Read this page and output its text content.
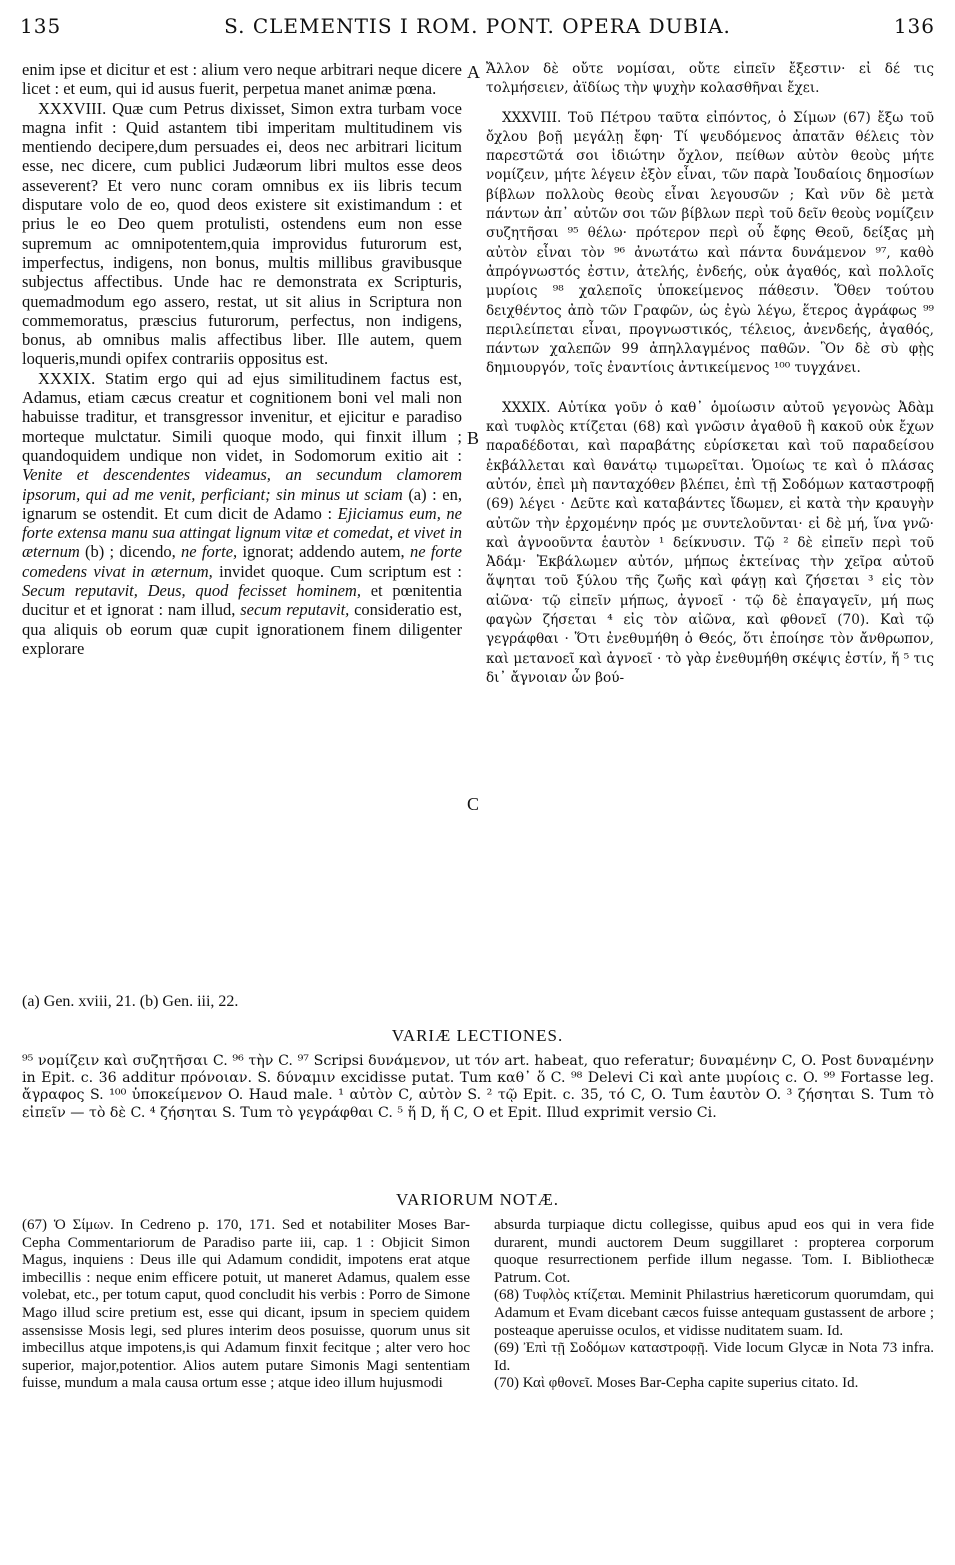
135	S. CLEMENTIS I ROM. PONT. OPERA DUBIA.	136
A
B
C

enim ipse et dicitur et est : alium vero neque arbitrari neque dicere licet : et eum, qui id ausus fuerit, perpetua manet animæ pœna.

XXXVIII. Quæ cum Petrus dixisset, Simon extra turbam voce magna infit : Quid astantem tibi imperitam multitudinem vis mentiendo decipere,dum persuades ei, deos nec arbitrari licitum esse, nec dicere, cum publici Judæorum libri multos esse deos asseverent? Et vero nunc coram omnibus ex iis libris tecum disputare volo de eo, quod deos existere sit existimandum : et prius le eo Deo quem protulisti, ostendens eum non esse supremum ac omnipotentem,quia improvidus futurorum est, imperfectus, indigens, non bonus, multis millibus gravibusque subjectus affectibus. Unde hac re demonstrata ex Scripturis, quemadmodum ego assero, restat, ut sit alius in Scriptura non commemoratus, præscius futurorum, perfectus, non indigens, bonus, ab omnibus malis affectibus liber. Ille autem, quem loqueris,mundi opifex contrariis oppositus est.

XXXIX. Statim ergo qui ad ejus similitudinem factus est, Adamus, etiam cæcus creatur et cognitionem boni vel mali non habuisse traditur, et transgressor invenitur, et ejicitur e paradiso morteque mulctatur. Simili quoque modo, qui finxit illum ; quandoquidem undique non videt, in Sodomorum exitio ait : Venite et descendentes videamus, an secundum clamorem ipsorum, qui ad me venit, perficiant; sin minus ut sciam (a) : en, ignarum se ostendit. Et cum dicit de Adamo : Ejiciamus eum, ne forte extensa manu sua attingat lignum vitæ et comedat, et vivet in æternum (b) ; dicendo, ne forte, ignorat; addendo autem, ne forte comedens vivat in æternum, invidet quoque. Cum scriptum est : Secum reputavit, Deus, quod fecisset hominem, et pœnitentia ducitur et et ignorat : nam illud, secum reputavit, consideratio est, qua aliquis ob eorum quæ cupit ignorationem finem diligenter explorare

Ἄλλον δὲ οὔτε νομίσαι, οὔτε εἰπεῖν ἔξεστιν· εἰ δέ τις τολμήσειεν, ἀϊδίως τὴν ψυχὴν κολασθῆναι ἔχει.

XXXVIII. Τοῦ Πέτρου ταῦτα εἰπόντος, ὁ Σίμων (67) ἔξω τοῦ ὄχλου βοῇ μεγάλῃ ἔφη· Τί ψευδόμενος ἀπατᾶν θέλεις τὸν παρεστῶτά σοι ἰδιώτην ὄχλον, πείθων αὐτὸν θεοὺς μήτε νομίζειν, μήτε λέγειν ἐξὸν εἶναι, τῶν παρὰ Ἰουδαίοις δημοσίων βίβλων πολλοὺς θεοὺς εἶναι λεγουσῶν ; Καὶ νῦν δὲ μετὰ πάντων ἀπ᾽ αὐτῶν σοι τῶν βίβλων περὶ τοῦ δεῖν θεοὺς νομίζειν συζητῆσαι ⁹⁵ θέλω· πρότερον περὶ οὗ ἔφης Θεοῦ, δείξας μὴ αὐτὸν εἶναι τὸν ⁹⁶ ἀνωτάτω καὶ πάντα δυνάμενον ⁹⁷, καθὸ ἀπρόγνωστός ἐστιν, ἀτελής, ἐνδεής, οὐκ ἀγαθός, καὶ πολλοῖς μυρίοις ⁹⁸ χαλεποῖς ὑποκείμενος πάθεσιν. Ὅθεν τούτου δειχθέντος ἀπὸ τῶν Γραφῶν, ὡς ἐγὼ λέγω, ἕτερος ἀγράφως ⁹⁹ περιλείπεται εἶναι, προγνωστικός, τέλειος, ἀνενδεής, ἀγαθός, πάντων χαλεπῶν 99 ἀπηλλαγμένος παθῶν. Ὃν δὲ σὺ φῂς δημιουργόν, τοῖς ἐναντίοις ἀντικείμενος ¹⁰⁰ τυγχάνει.

XXXIX. Αὐτίκα γοῦν ὁ καθ᾽ ὁμοίωσιν αὐτοῦ γεγονὼς Ἀδὰμ καὶ τυφλὸς κτίζεται (68) καὶ γνῶσιν ἀγαθοῦ ἢ κακοῦ οὐκ ἔχων παραδέδοται, καὶ παραβάτης εὑρίσκεται καὶ τοῦ παραδείσου ἐκβάλλεται καὶ θανάτῳ τιμωρεῖται. Ὁμοίως τε καὶ ὁ πλάσας αὐτόν, ἐπεὶ μὴ πανταχόθεν βλέπει, ἐπὶ τῇ Σοδόμων καταστροφῇ (69) λέγει · Δεῦτε καὶ καταβάντες ἴδωμεν, εἰ κατὰ τὴν κραυγὴν αὐτῶν τὴν ἐρχομένην πρός με συντελοῦνται· εἰ δὲ μή, ἵνα γνῶ· καὶ ἀγνοοῦντα ἑαυτὸν ¹ δείκνυσιν. Τῷ ² δὲ εἰπεῖν περὶ τοῦ Ἀδάμ· Ἐκβάλωμεν αὐτόν, μήπως ἐκτείνας τὴν χεῖρα αὐτοῦ ἅψηται τοῦ ξύλου τῆς ζωῆς καὶ φάγῃ καὶ ζήσεται ³ εἰς τὸν αἰῶνα· τῷ εἰπεῖν μήπως, ἀγνοεῖ · τῷ δὲ ἐπαγαγεῖν, μή πως φαγὼν ζήσεται ⁴ εἰς τὸν αἰῶνα, καὶ φθονεῖ (70). Καὶ τῷ γεγράφθαι · Ὅτι ἐνεθυμήθη ὁ Θεός, ὅτι ἐποίησε τὸν ἄνθρωπον, καὶ μετανοεῖ καὶ ἀγνοεῖ · τὸ γὰρ ἐνεθυμήθη σκέψις ἐστίν, ἥ ⁵ τις δι᾽ ἄγνοιαν ὧν βού-

(a) Gen. xviii, 21. (b) Gen. iii, 22.
VARIÆ LECTIONES.
⁹⁵ νομίζειν καὶ συζητῆσαι C. ⁹⁶ τὴν C. ⁹⁷ Scripsi δυνάμενον, ut τόν art. habeat, quo referatur; δυναμένην C, O. Post δυναμένην in Epit. c. 36 additur πρόνοιαν. S. δύναμιν excidisse putat. Tum καθ᾽ ὅ C. ⁹⁸ Delevi Ci καὶ ante μυρίοις c. O. ⁹⁹ Fortasse leg. ἄγραφος S. ¹⁰⁰ ὑποκείμενον O. Haud male. ¹ αὐτὸν C, αὐτὸν S. ² τῷ Epit. c. 35, τό C, O. Tum ἑαυτὸν O. ³ ζήσηται S. Tum τὸ εἰπεῖν — τὸ δὲ C. ⁴ ζήσηται S. Tum τὸ γεγράφθαι C. ⁵ ἥ D, ἥ C, O et Epit. Illud exprimit versio Ci.
VARIORUM NOTÆ.

(67) Ὁ Σίμων. In Cedreno p. 170, 171. Sed et notabiliter Moses Bar-Cepha Commentariorum de Paradiso parte iii, cap. 1 : Objicit Simon Magus, inquiens : Deus ille qui Adamum condidit, impotens erat atque imbecillis : neque enim efficere potuit, ut maneret Adamus, qualem esse volebat, etc., per totum caput, quod concludit his verbis : Porro de Simone Mago illud scire pretium est, esse qui dicant, ipsum in speciem quidem assensisse Mosis legi, sed plures interim deos posuisse, quorum unus sit imbecillus atque impotens,is qui Adamum finxit fecitque ; alter vero hoc superior, major,potentior. Alios autem putare Simonis Magi sententiam fuisse, mundum a mala causa ortum esse ; atque ideo illum hujusmodi

absurda turpiaque dictu collegisse, quibus apud eos qui in vera fide durarent, mundi auctorem Deum suggillaret : propterea corporum quoque resurrectionem perfide illum negasse. Tom. I. Bibliothecæ Patrum. Cot.

(68) Τυφλὸς κτίζεται. Meminit Philastrius hæreticorum quorumdam, qui Adamum et Evam dicebant cæcos fuisse antequam gustassent de arbore ; posteaque aperuisse oculos, et vidisse nuditatem suam. Id.

(69) Ἐπὶ τῇ Σοδόμων καταστροφῇ. Vide locum Glycæ in Nota 73 infra. Id.

(70) Καὶ φθονεῖ. Moses Bar-Cepha capite superius citato. Id.
